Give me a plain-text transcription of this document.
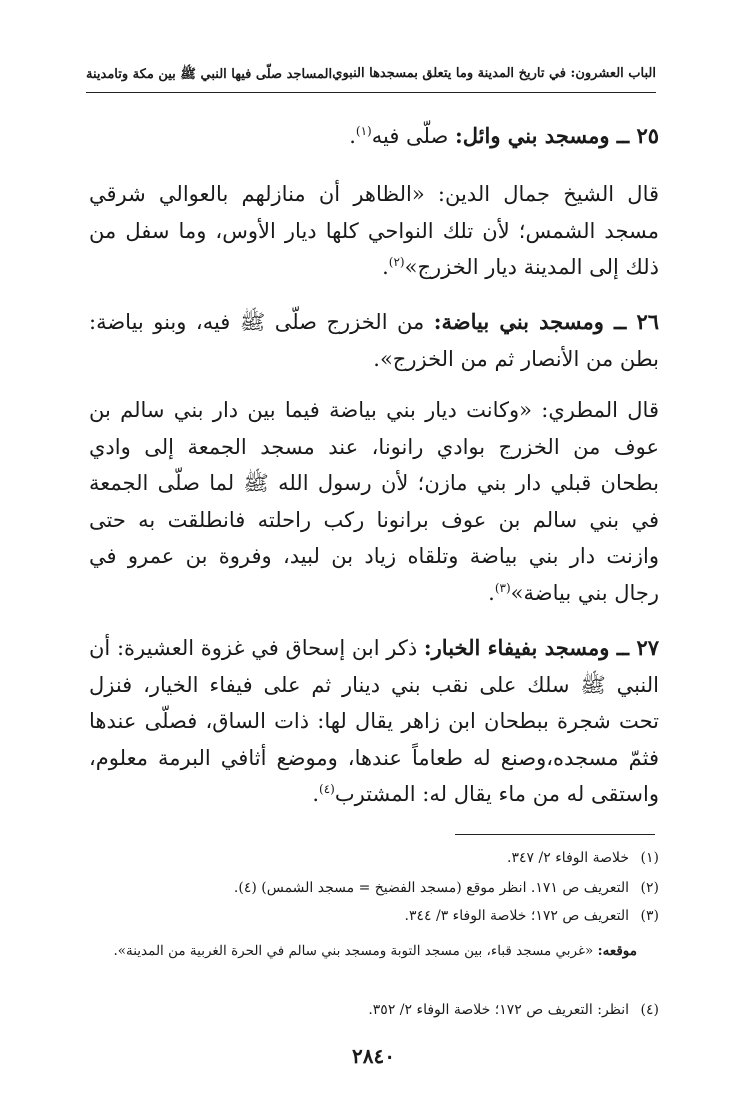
الباب العشرون: في تاريخ المدينة وما يتعلق بمسجدها النبوي
المساجد صلّى فيها النبي ﷺ بين مكة وتامدينة
٢٥ ــ ومسجد بني وائل: صلّى فيه$^{(١)}$.
قال الشيخ جمال الدين: «الظاهر أن منازلهم بالعوالي شرقي مسجد الشمس؛ لأن تلك النواحي كلها ديار الأوس، وما سفل من ذلك إلى المدينة ديار الخزرج»$^{(٢)}$.
٢٦ ــ ومسجد بني بياضة: من الخزرج صلّى ﷺ فيه، وبنو بياضة: بطن من الأنصار ثم من الخزرج».
قال المطري: «وكانت ديار بني بياضة فيما بين دار بني سالم بن عوف من الخزرج بوادي رانونا، عند مسجد الجمعة إلى وادي بطحان قبلي دار بني مازن؛ لأن رسول الله ﷺ لما صلّى الجمعة في بني سالم بن عوف برانونا ركب راحلته فانطلقت به حتى وازنت دار بني بياضة وتلقاه زياد بن لبيد، وفروة بن عمرو في رجال بني بياضة»$^{(٣)}$.
٢٧ ــ ومسجد بفيفاء الخبار: ذكر ابن إسحاق في غزوة العشيرة: أن النبي ﷺ سلك على نقب بني دينار ثم على فيفاء الخيار، فنزل تحت شجرة ببطحان ابن زاهر يقال لها: ذات الساق، فصلّى عندها فثمّ مسجده،وصنع له طعاماً عندها، وموضع أثافي البرمة معلوم، واستقى له من ماء يقال له: المشترب$^{(٤)}$.
(١)خلاصة الوفاء ٢/ ٣٤٧.
(٢)التعريف ص ١٧١. انظر موقع (مسجد الفضيخ = مسجد الشمس) (٤).
(٣)التعريف ص ١٧٢؛ خلاصة الوفاء ٣/ ٣٤٤.
موقعه: «غربي مسجد قباء، بين مسجد التوبة ومسجد بني سالم في الحرة الغربية من المدينة».
(٤)انظر: التعريف ص ١٧٢؛ خلاصة الوفاء ٢/ ٣٥٢.
٢٨٤٠
